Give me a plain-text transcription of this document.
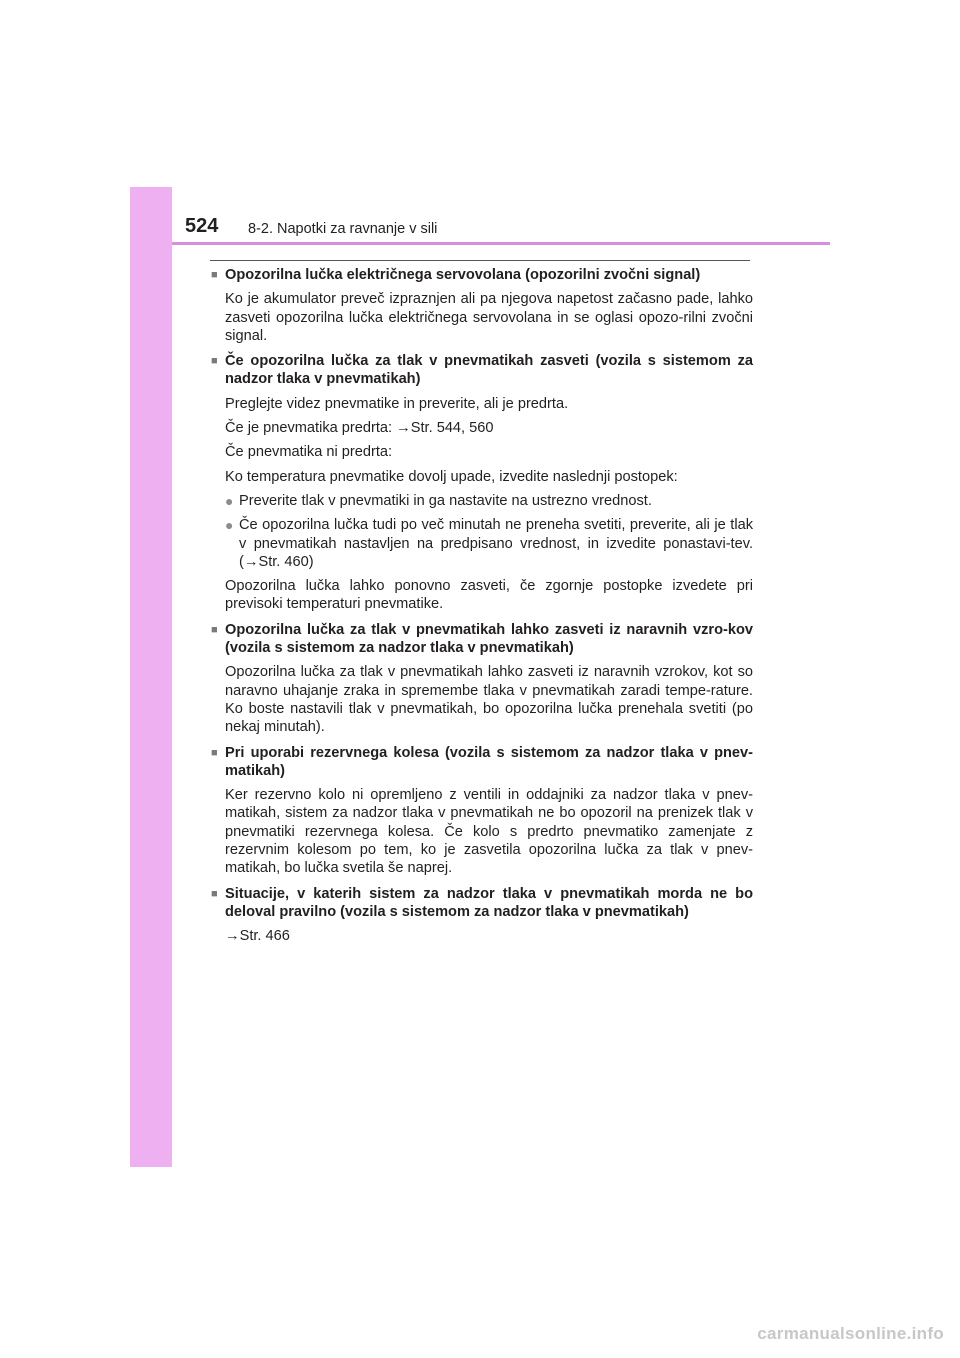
524 8-2. Napotki za ravnanje v sili
■ Opozorilna lučka električnega servovolana (opozorilni zvočni signal)
Ko je akumulator preveč izpraznjen ali pa njegova napetost začasno pade, lahko zasveti opozorilna lučka električnega servovolana in se oglasi opozo-rilni zvočni signal.
■ Če opozorilna lučka za tlak v pnevmatikah zasveti (vozila s sistemom za nadzor tlaka v pnevmatikah)
Preglejte videz pnevmatike in preverite, ali je predrta.
Če je pnevmatika predrta: →Str. 544, 560
Če pnevmatika ni predrta:
Ko temperatura pnevmatike dovolj upade, izvedite naslednji postopek:
● Preverite tlak v pnevmatiki in ga nastavite na ustrezno vrednost.
● Če opozorilna lučka tudi po več minutah ne preneha svetiti, preverite, ali je tlak v pnevmatikah nastavljen na predpisano vrednost, in izvedite ponastavi-tev. (→Str. 460)
Opozorilna lučka lahko ponovno zasveti, če zgornje postopke izvedete pri previsoki temperaturi pnevmatike.
■ Opozorilna lučka za tlak v pnevmatikah lahko zasveti iz naravnih vzro-kov (vozila s sistemom za nadzor tlaka v pnevmatikah)
Opozorilna lučka za tlak v pnevmatikah lahko zasveti iz naravnih vzrokov, kot so naravno uhajanje zraka in spremembe tlaka v pnevmatikah zaradi tempe-rature. Ko boste nastavili tlak v pnevmatikah, bo opozorilna lučka prenehala svetiti (po nekaj minutah).
■ Pri uporabi rezervnega kolesa (vozila s sistemom za nadzor tlaka v pnev-matikah)
Ker rezervno kolo ni opremljeno z ventili in oddajniki za nadzor tlaka v pnev-matikah, sistem za nadzor tlaka v pnevmatikah ne bo opozoril na prenizek tlak v pnevmatiki rezervnega kolesa. Če kolo s predrto pnevmatiko zamenjate z rezervnim kolesom po tem, ko je zasvetila opozorilna lučka za tlak v pnev-matikah, bo lučka svetila še naprej.
■ Situacije, v katerih sistem za nadzor tlaka v pnevmatikah morda ne bo deloval pravilno (vozila s sistemom za nadzor tlaka v pnevmatikah)
→Str. 466
carmanualsonline.info
